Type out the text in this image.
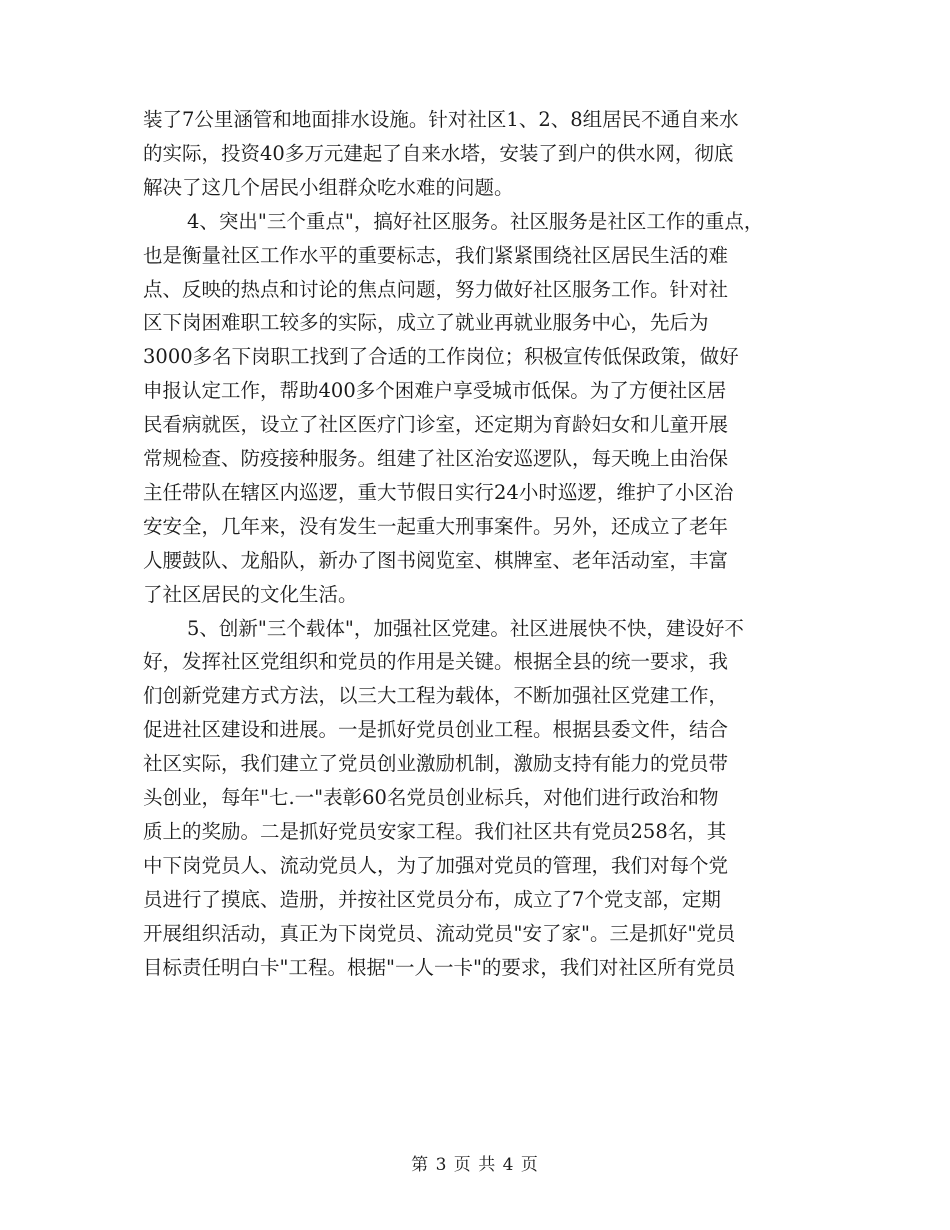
装了7公里涵管和地面排水设施。针对社区1、2、8组居民不通自来水
的实际，投资40多万元建起了自来水塔，安装了到户的供水网，彻底
解决了这几个居民小组群众吃水难的问题。
4、突出"三个重点"，搞好社区服务。社区服务是社区工作的重点，
也是衡量社区工作水平的重要标志，我们紧紧围绕社区居民生活的难
点、反映的热点和讨论的焦点问题，努力做好社区服务工作。针对社
区下岗困难职工较多的实际，成立了就业再就业服务中心，先后为
3000多名下岗职工找到了合适的工作岗位；积极宣传低保政策，做好
申报认定工作，帮助400多个困难户享受城市低保。为了方便社区居
民看病就医，设立了社区医疗门诊室，还定期为育龄妇女和儿童开展
常规检查、防疫接种服务。组建了社区治安巡逻队，每天晚上由治保
主任带队在辖区内巡逻，重大节假日实行24小时巡逻，维护了小区治
安安全，几年来，没有发生一起重大刑事案件。另外，还成立了老年
人腰鼓队、龙船队，新办了图书阅览室、棋牌室、老年活动室，丰富
了社区居民的文化生活。
5、创新"三个载体"，加强社区党建。社区进展快不快，建设好不
好，发挥社区党组织和党员的作用是关键。根据全县的统一要求，我
们创新党建方式方法，以三大工程为载体，不断加强社区党建工作，
促进社区建设和进展。一是抓好党员创业工程。根据县委文件，结合
社区实际，我们建立了党员创业激励机制，激励支持有能力的党员带
头创业，每年"七.一"表彰60名党员创业标兵，对他们进行政治和物
质上的奖励。二是抓好党员安家工程。我们社区共有党员258名，其
中下岗党员人、流动党员人，为了加强对党员的管理，我们对每个党
员进行了摸底、造册，并按社区党员分布，成立了7个党支部，定期
开展组织活动，真正为下岗党员、流动党员"安了家"。三是抓好"党员
目标责任明白卡"工程。根据"一人一卡"的要求，我们对社区所有党员
第 3 页 共 4 页
